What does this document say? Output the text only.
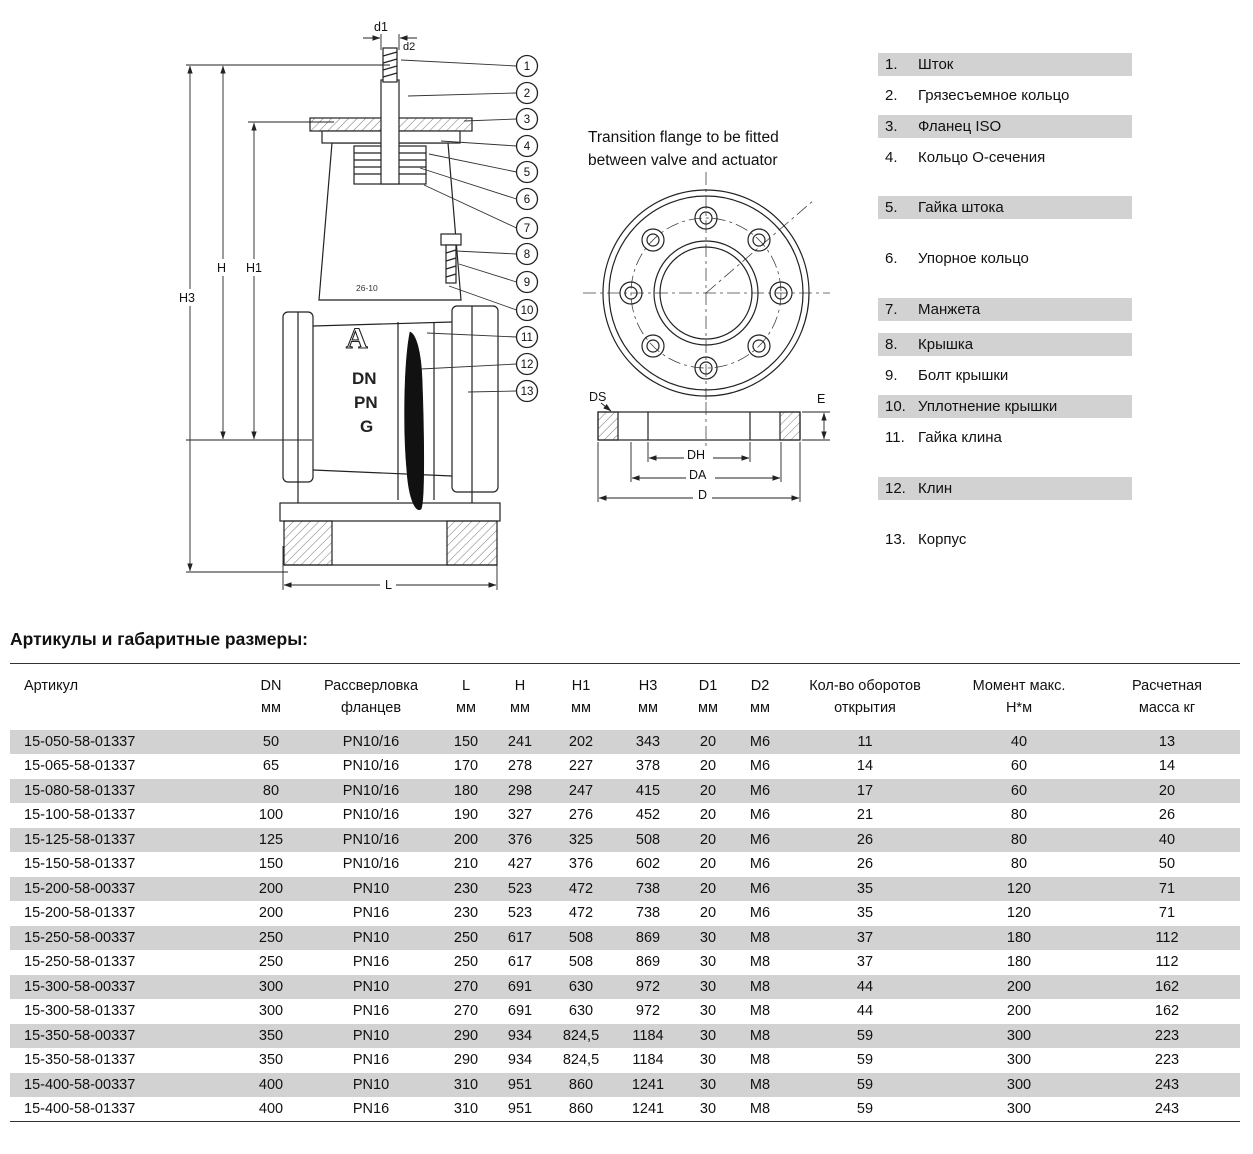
26-10
A
DN
PN
G
H3
H H1
L
d1
d2
DS	E
DH
DA
D
1
2
3
4
5
6
7
8
9
10
11
12
13
Transition flange to be fitted
between valve and actuator
1.	Шток
2.	Грязесъемное кольцо
3.	Фланец ISO
4.	Кольцо О-сечения
5.	Гайка штока
6.	Упорное кольцо
7.	Манжета
8.	Крышка
9.	Болт крышки
10. Уплотнение крышки
11. Гайка клина
12. Клин
13. Корпус
Артикулы и габаритные размеры:
Артикул	DN	Рассверловка	L	H	H1	H3	D1	D2	Кол-во оборотов	Момент макс.	Расчетная
	мм	фланцев	мм	мм	мм	мм	мм	мм	открытия	Н*м	масса кг
15-050-58-01337	50	PN10/16	150	241	202	343	20	M6	11	40	13
15-065-58-01337	65	PN10/16	170	278	227	378	20	M6	14	60	14
15-080-58-01337	80	PN10/16	180	298	247	415	20	M6	17	60	20
15-100-58-01337	100	PN10/16	190	327	276	452	20	M6	21	80	26
15-125-58-01337	125	PN10/16	200	376	325	508	20	M6	26	80	40
15-150-58-01337	150	PN10/16	210	427	376	602	20	M6	26	80	50
15-200-58-00337	200	PN10	230	523	472	738	20	M6	35	120	71
15-200-58-01337	200	PN16	230	523	472	738	20	M6	35	120	71
15-250-58-00337	250	PN10	250	617	508	869	30	M8	37	180	112
15-250-58-01337	250	PN16	250	617	508	869	30	M8	37	180	112
15-300-58-00337	300	PN10	270	691	630	972	30	M8	44	200	162
15-300-58-01337	300	PN16	270	691	630	972	30	M8	44	200	162
15-350-58-00337	350	PN10	290	934	824,5	1184	30	M8	59	300	223
15-350-58-01337	350	PN16	290	934	824,5	1184	30	M8	59	300	223
15-400-58-00337	400	PN10	310	951	860	1241	30	M8	59	300	243
15-400-58-01337	400	PN16	310	951	860	1241	30	M8	59	300	243
